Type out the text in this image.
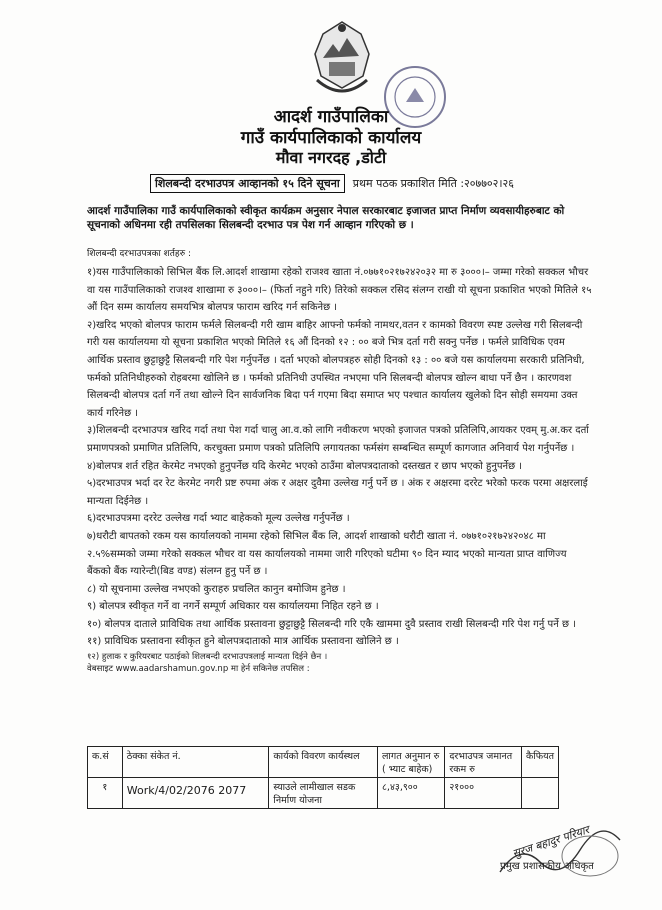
आदर्श गाउँपालिका
गाउँ कार्यपालिकाको कार्यालय
मौवा नगरदह ,डोटी
शिलबन्दी दरभाउपत्र आव्हानको १५ दिने सूचना	प्रथम पठक प्रकाशित मिति :२०७७०२।२६
आदर्श गाउँपालिका गाउँ कार्यपालिकाको स्वीकृत कार्यक्रम अनुसार नेपाल सरकारबाट इजाजत प्राप्त निर्माण व्यवसायीहरुबाट को सूचनाको अधिनमा रही तपसिलका सिलबन्दी दरभाउ पत्र पेश गर्न आव्हान गरिएको छ ।
शिलबन्दी दरभाउपत्रका शर्तहरु :

१)यस गाउँपालिकाको सिभिल बैंक लि.आदर्श शाखामा रहेको राजश्व खाता नं.०७७१०२१७२४२०३२ मा रु ३०००।– जम्मा गरेको सक्कल भौचर वा यस गाउँपालिकाको राजश्व शाखामा रु ३०००।– (फिर्ता नहुने गरि) तिरेको सक्कल रसिद संलग्न राखी यो सूचना प्रकाशित भएको मितिले १५ औं दिन सम्म कार्यालय समयभित्र बोलपत्र फाराम खरिद गर्न सकिनेछ ।

२)खरिद भएको बोलपत्र फाराम फर्मले सिलबन्दी गरी खाम बाहिर आफ्नो फर्मको नामथर,वतन र कामको विवरण स्पष्ट उल्लेख गरी सिलबन्दी गरी यस कार्यालयमा यो सूचना प्रकाशित भएको मितिले १६ औं दिनको १२ : ०० बजे भित्र दर्ता गरी सक्नु पर्नेछ । फर्मले प्राविधिक एवम आर्थिक प्रस्ताव छुट्टाछुट्टै सिलबन्दी गरि पेश गर्नुपर्नेछ । दर्ता भएको बोलपत्रहरु सोही दिनको १३ : ०० बजे यस कार्यालयमा सरकारी प्रतिनिधी, फर्मको प्रतिनिधीहरुको रोहबरमा खोलिने छ । फर्मको प्रतिनिधी उपस्थित नभएमा पनि सिलबन्दी बोलपत्र खोल्न बाधा पर्ने छैन । कारणवश सिलबन्दी बोलपत्र दर्ता गर्ने तथा खोल्ने दिन सार्वजनिक बिदा पर्न गएमा बिदा समाप्त भए पश्चात कार्यालय खुलेको दिन सोही समयमा उक्त कार्य गरिनेछ ।

३)शिलबन्दी दरभाउपत्र खरिद गर्दा तथा पेश गर्दा चालु आ.व.को लागि नवीकरण भएको इजाजत पत्रको प्रतिलिपि,आयकर एवम् मु.अ.कर दर्ता प्रमाणपत्रको प्रमाणित प्रतिलिपि, करचुक्ता प्रमाण पत्रको प्रतिलिपि लगायतका फर्मसंग सम्बन्धित सम्पूर्ण कागजात अनिवार्य पेश गर्नुपर्नेछ ।

४)बोलपत्र शर्त रहित केरमेट नभएको हुनुपर्नेछ यदि केरमेट भएको ठाउँमा बोलपत्रदाताको दस्तखत र छाप भएको हुनुपर्नेछ ।

५)दरभाउपत्र भर्दा दर रेट केरमेट नगरी प्रष्ट रुपमा अंक र अक्षर दुवैमा उल्लेख गर्नु पर्ने छ । अंक र अक्षरमा दररेट भरेको फरक परमा अक्षरलाई मान्यता दिईनेछ ।

६)दरभाउपत्रमा दररेट उल्लेख गर्दा भ्याट बाहेकको मूल्य उल्लेख गर्नुपर्नेछ ।

७)धरौटी बापतको रकम यस कार्यालयको नाममा रहेको सिभिल बैंक लि, आदर्श शाखाको धरौटी खाता नं. ०७७१०२१७२४२०४८ मा २.५%सम्मको जम्मा गरेको सक्कल भौचर वा यस कार्यालयको नाममा जारी गरिएको घटीमा ९० दिन म्याद भएको मान्यता प्राप्त वाणिज्य बैंकको बैंक ग्यारेन्टी(बिड वण्ड) संलग्न हुनु पर्ने छ ।

८) यो सूचनामा उल्लेख नभएको कुराहरु प्रचलित कानुन बमोजिम हुनेछ ।

९) बोलपत्र स्वीकृत गर्ने वा नगर्ने सम्पूर्ण अधिकार यस कार्यालयमा निहित रहने छ ।

१०) बोलपत्र दाताले प्राविधिक तथा आर्थिक प्रस्तावना छुट्टाछुट्टै सिलबन्दी गरि एकै खाममा दुवै प्रस्ताव राखी सिलबन्दी गरि पेश गर्नु पर्ने छ ।

११) प्राविधिक प्रस्तावना स्वीकृत हुने बोलपत्रदाताको मात्र आर्थिक प्रस्तावना खोलिने छ ।

१२) हुलाक र कुरियरबाट पठाईको शिलबन्दी दरभाउपत्रलाई मान्यता दिईने छैन ।

वेबसाइट www.aadarshamun.gov.np मा हेर्न सकिनेछ तपसिल :

क.सं	ठेक्का संकेत नं.	कार्यको विवरण कार्यस्थल	लागत अनुमान रु ( भ्याट बाहेक)	दरभाउपत्र जमानत रकम रु	कैफियत
१	Work/4/02/2076 2077	स्याउले लामीखाल सडक निर्माण योजना	८,४३,९००	२१०००	
सुरज बहादुर परियार
प्रमुख प्रशासकीय अधिकृत
